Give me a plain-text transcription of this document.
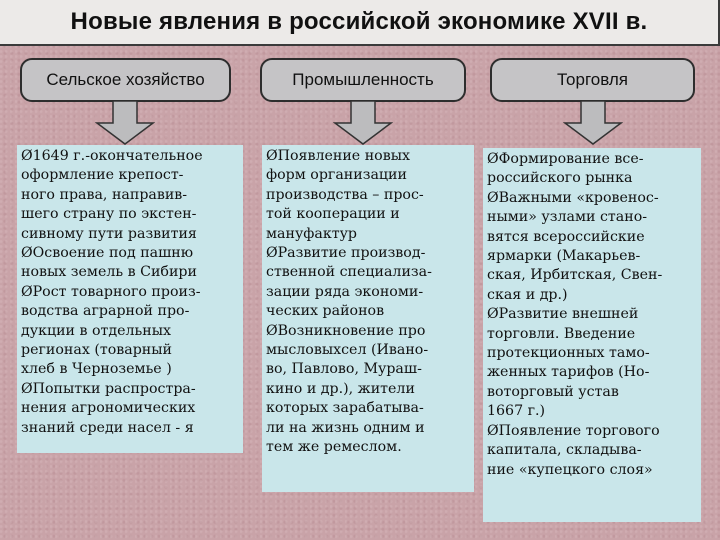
Новые явления в российской экономике XVII в.
Сельское хозяйство	Промышленность	Торговля
Ø1649 г.-окончательное
оформление крепост-
ного права, направив-
шего страну по экстен-
сивному пути развития
ØОсвоение под пашню
новых земель в Сибири
ØРост товарного произ-
водства аграрной про-
дукции в отдельных
регионах (товарный
хлеб в Черноземье )
ØПопытки распростра-
нения агрономических
знаний среди насел - я
ØПоявление новых
форм организации
производства – прос-
той кооперации и
мануфактур
ØРазвитие производ-
ственной специализа-
зации ряда экономи-
ческих районов
ØВозникновение про
мысловыхсел (Ивано-
во, Павлово, Мураш-
кино и др.), жители
которых зарабатыва-
ли на жизнь одним и
тем же ремеслом.
ØФормирование все-
российского рынка
ØВажными «кровенос-
ными» узлами стано-
вятся всероссийские
ярмарки (Макарьев-
ская, Ирбитская, Свен-
ская и др.)
ØРазвитие внешней
торговли. Введение
протекционных тамо-
женных тарифов (Но-
воторговый устав
1667 г.)
ØПоявление торгового
капитала, складыва-
ние «купецкого слоя»
